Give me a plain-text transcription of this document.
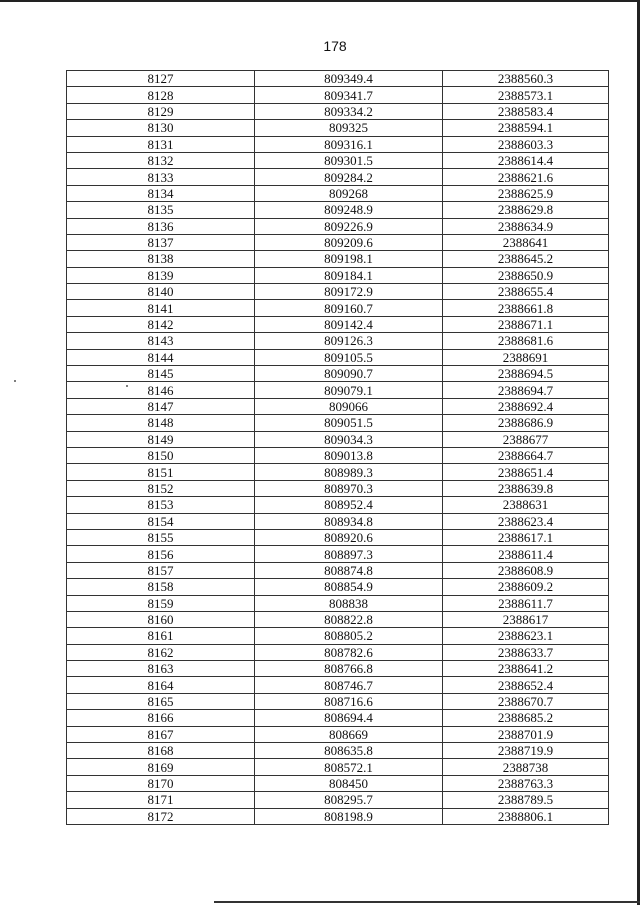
178
8127	809349.4	2388560.3
8128	809341.7	2388573.1
8129	809334.2	2388583.4
8130	809325	2388594.1
8131	809316.1	2388603.3
8132	809301.5	2388614.4
8133	809284.2	2388621.6
8134	809268	2388625.9
8135	809248.9	2388629.8
8136	809226.9	2388634.9
8137	809209.6	2388641
8138	809198.1	2388645.2
8139	809184.1	2388650.9
8140	809172.9	2388655.4
8141	809160.7	2388661.8
8142	809142.4	2388671.1
8143	809126.3	2388681.6
8144	809105.5	2388691
8145	809090.7	2388694.5
8146	809079.1	2388694.7
8147	809066	2388692.4
8148	809051.5	2388686.9
8149	809034.3	2388677
8150	809013.8	2388664.7
8151	808989.3	2388651.4
8152	808970.3	2388639.8
8153	808952.4	2388631
8154	808934.8	2388623.4
8155	808920.6	2388617.1
8156	808897.3	2388611.4
8157	808874.8	2388608.9
8158	808854.9	2388609.2
8159	808838	2388611.7
8160	808822.8	2388617
8161	808805.2	2388623.1
8162	808782.6	2388633.7
8163	808766.8	2388641.2
8164	808746.7	2388652.4
8165	808716.6	2388670.7
8166	808694.4	2388685.2
8167	808669	2388701.9
8168	808635.8	2388719.9
8169	808572.1	2388738
8170	808450	2388763.3
8171	808295.7	2388789.5
8172	808198.9	2388806.1
